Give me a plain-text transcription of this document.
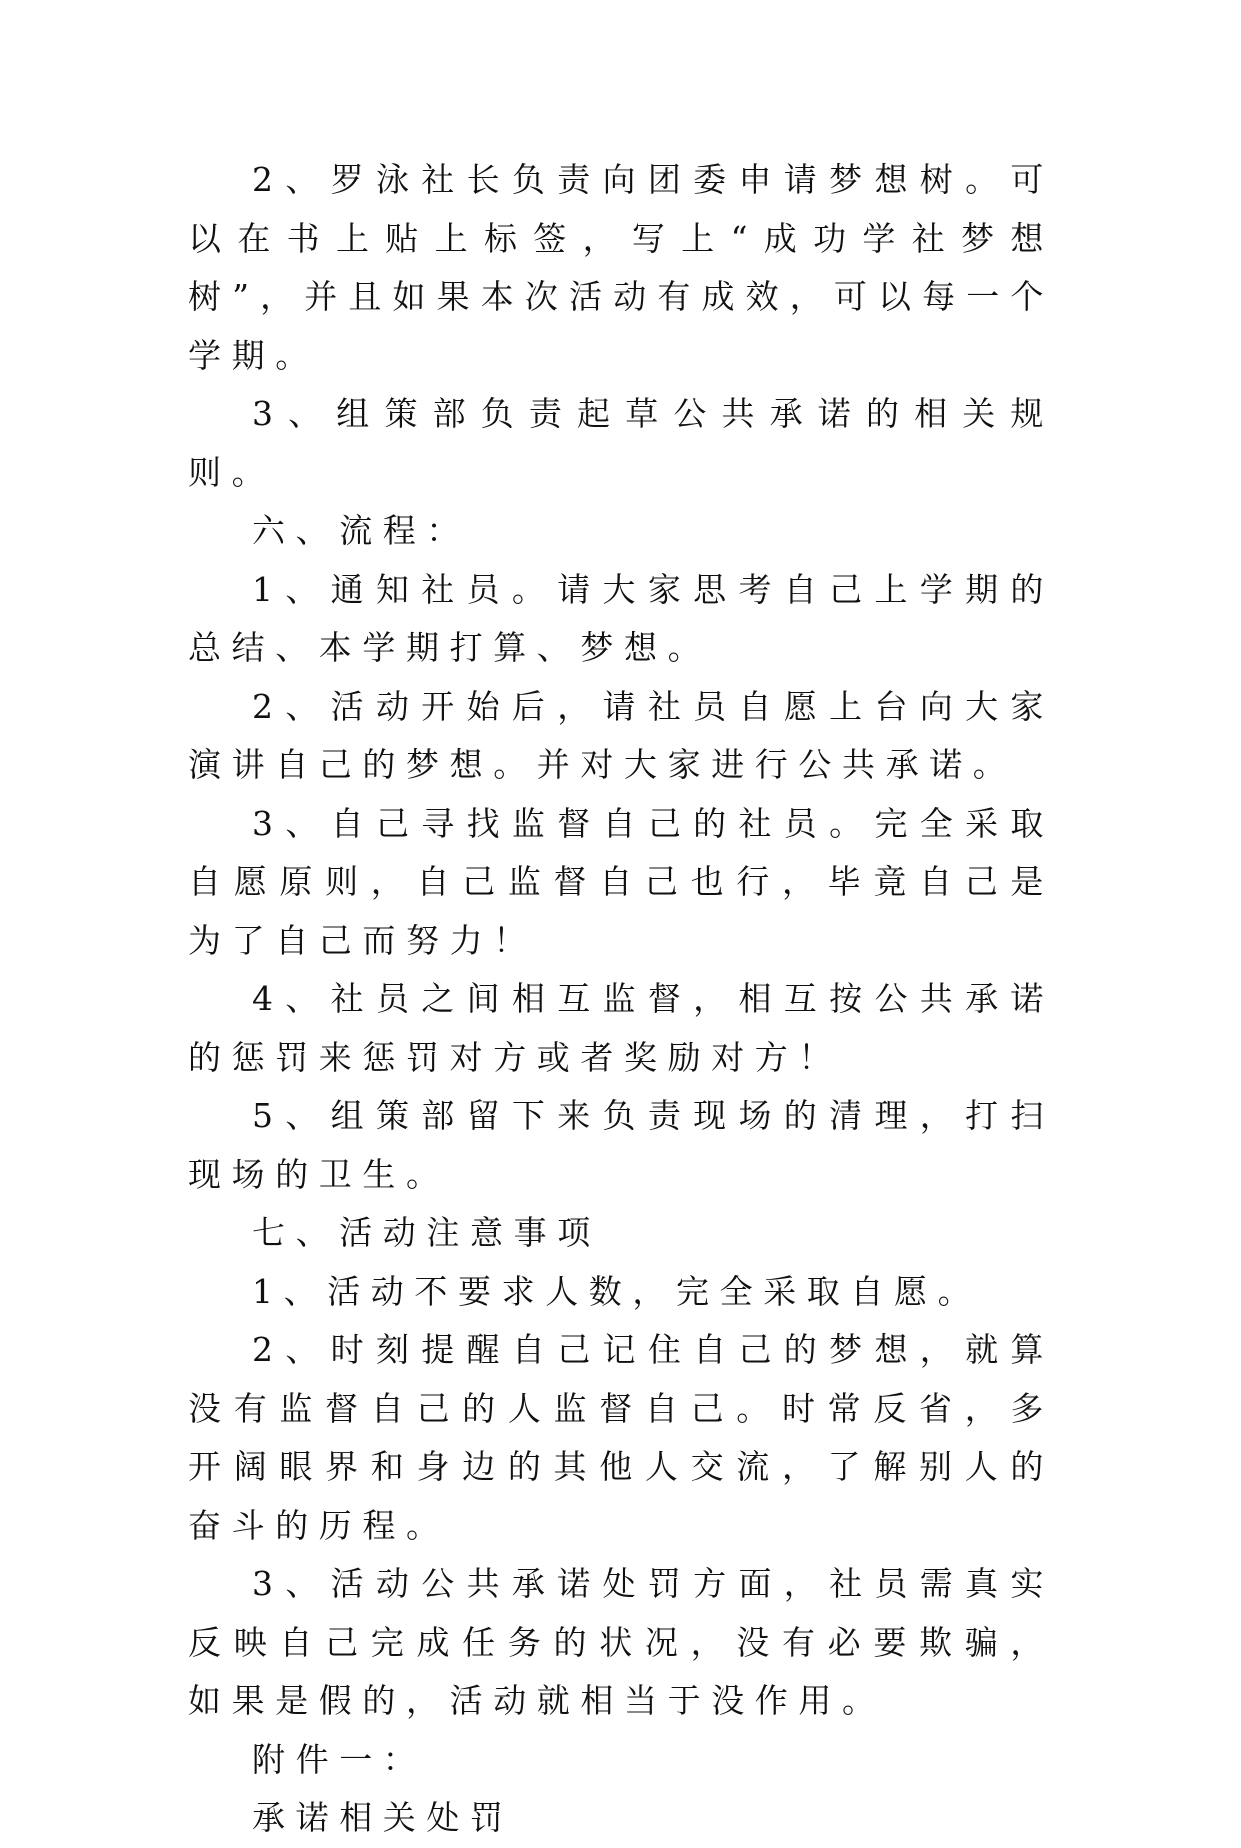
2、罗泳社长负责向团委申请梦想树。可以在书上贴上标签，写上“成功学社梦想树”，并且如果本次活动有成效，可以每一个学期。

3、组策部负责起草公共承诺的相关规则。

六、流程：

1、通知社员。请大家思考自己上学期的总结、本学期打算、梦想。

2、活动开始后，请社员自愿上台向大家演讲自己的梦想。并对大家进行公共承诺。

3、自己寻找监督自己的社员。完全采取自愿原则，自己监督自己也行，毕竟自己是为了自己而努力！

4、社员之间相互监督，相互按公共承诺的惩罚来惩罚对方或者奖励对方！

5、组策部留下来负责现场的清理，打扫现场的卫生。

七、活动注意事项

1、活动不要求人数，完全采取自愿。

2、时刻提醒自己记住自己的梦想，就算没有监督自己的人监督自己。时常反省，多开阔眼界和身边的其他人交流，了解别人的奋斗的历程。

3、活动公共承诺处罚方面，社员需真实反映自己完成任务的状况，没有必要欺骗，如果是假的，活动就相当于没作用。

附件一：

承诺相关处罚
